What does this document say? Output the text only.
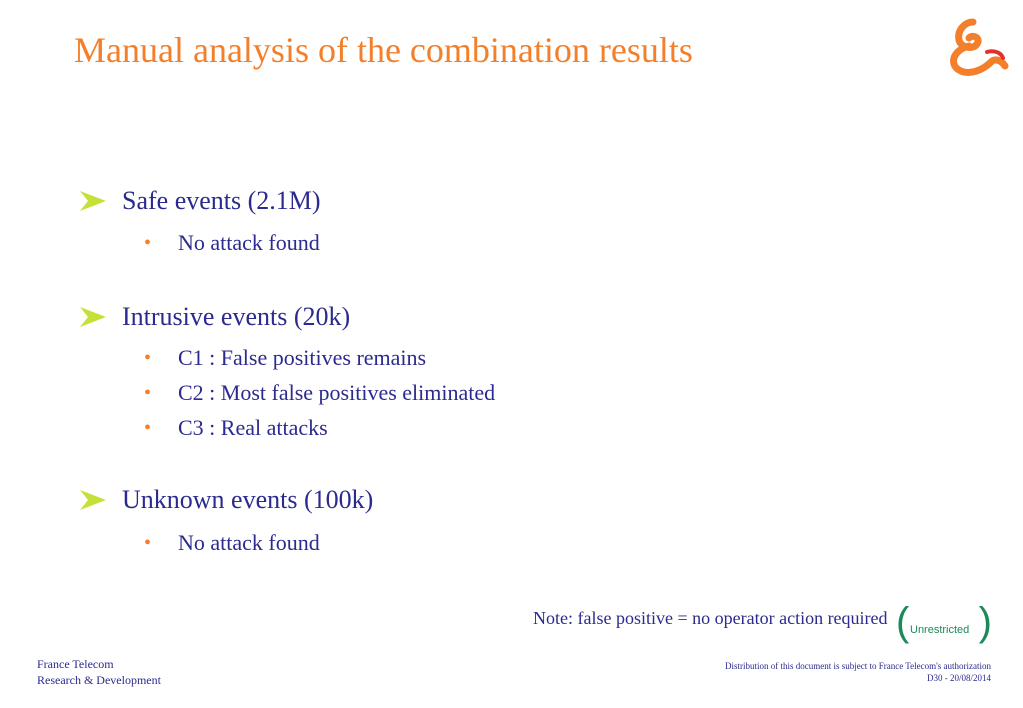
Manual analysis of the combination results
Safe events (2.1M)
•	No attack found
Intrusive events (20k)
•	C1 : False positives remains
•	C2 : Most false positives eliminated
•	C3 : Real attacks
Unknown events (100k)
•	No attack found
Note: false positive = no operator action required ( Unrestricted )
France Telecom
Research & Development
Distribution of this document is subject to France Telecom's authorization
D30 - 20/08/2014
